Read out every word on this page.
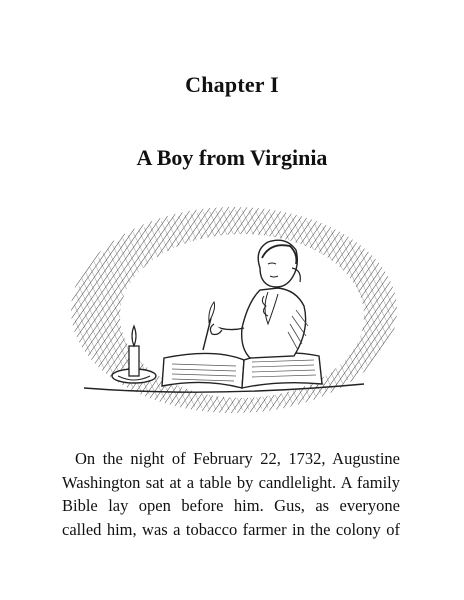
Chapter I
A Boy from Virginia
On the night of February 22, 1732, Augustine
Washington sat at a table by candlelight. A family
Bible lay open before him. Gus, as everyone
called him, was a tobacco farmer in the colony of
